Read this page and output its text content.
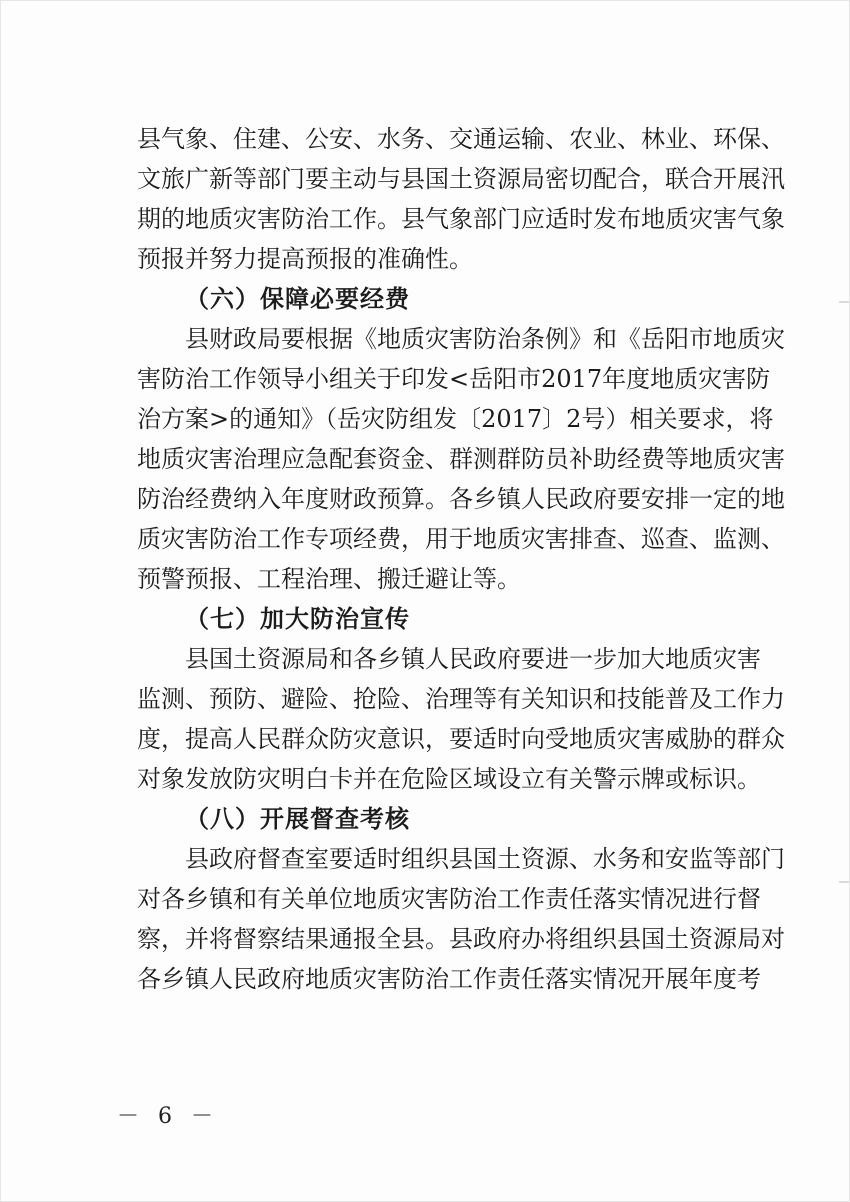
县气象、住建、公安、水务、交通运输、农业、林业、环保、
文旅广新等部门要主动与县国土资源局密切配合，联合开展汛
期的地质灾害防治工作。县气象部门应适时发布地质灾害气象
预报并努力提高预报的准确性。
（六）保障必要经费
县财政局要根据《地质灾害防治条例》和《岳阳市地质灾
害防治工作领导小组关于印发<岳阳市2017年度地质灾害防
治方案>的通知》（岳灾防组发〔2017〕2号）相关要求，将
地质灾害治理应急配套资金、群测群防员补助经费等地质灾害
防治经费纳入年度财政预算。各乡镇人民政府要安排一定的地
质灾害防治工作专项经费，用于地质灾害排查、巡查、监测、
预警预报、工程治理、搬迁避让等。
（七）加大防治宣传
县国土资源局和各乡镇人民政府要进一步加大地质灾害
监测、预防、避险、抢险、治理等有关知识和技能普及工作力
度，提高人民群众防灾意识，要适时向受地质灾害威胁的群众
对象发放防灾明白卡并在危险区域设立有关警示牌或标识。
（八）开展督查考核
县政府督查室要适时组织县国土资源、水务和安监等部门
对各乡镇和有关单位地质灾害防治工作责任落实情况进行督
察，并将督察结果通报全县。县政府办将组织县国土资源局对
各乡镇人民政府地质灾害防治工作责任落实情况开展年度考
－ 6 －
